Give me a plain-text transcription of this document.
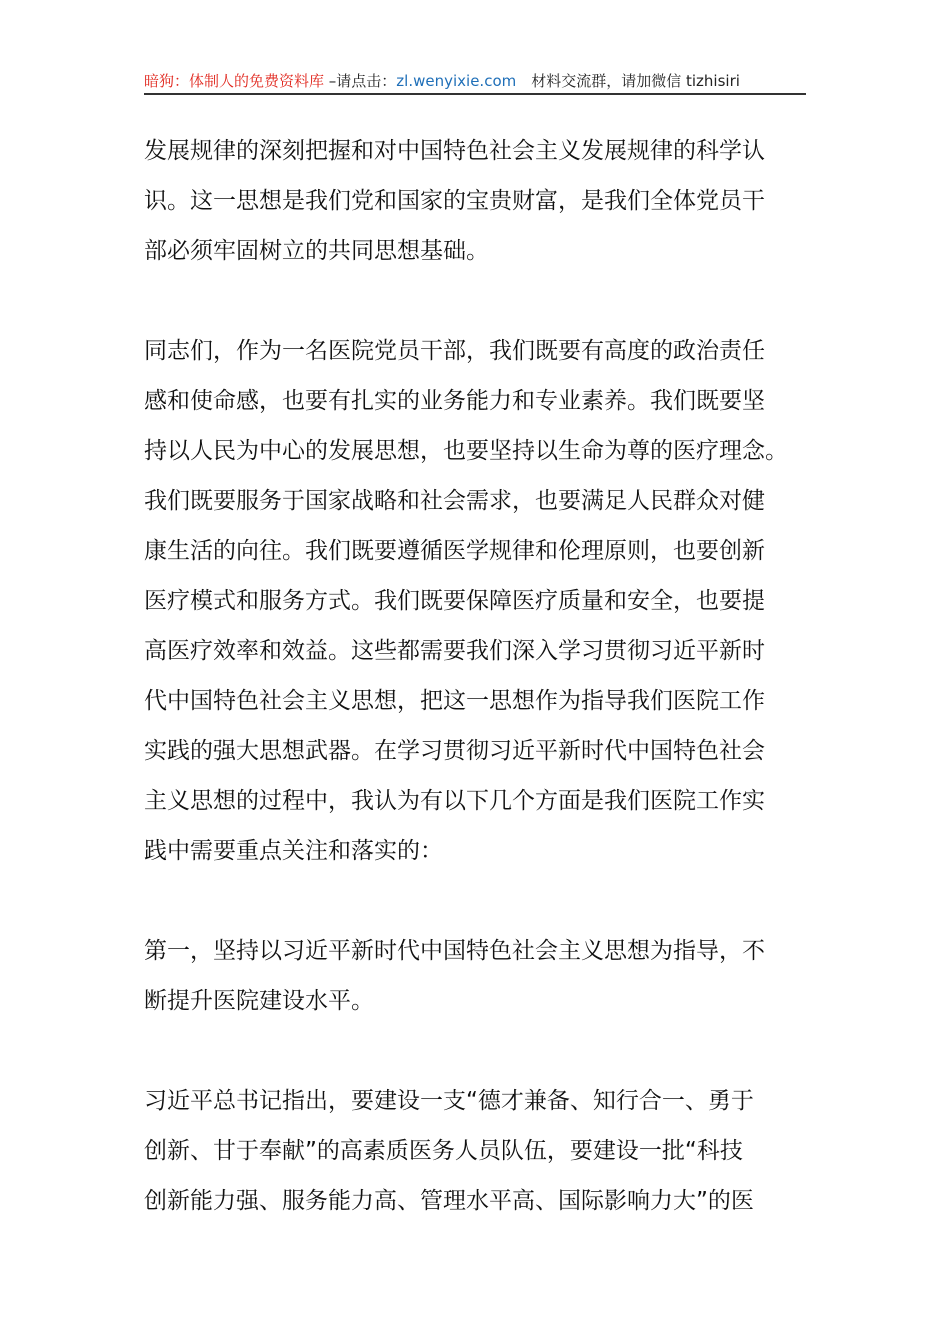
暗狗：体制人的免费资料库 –请点击：zl.wenyixie.com　材料交流群，请加微信 tizhisiri
发展规律的深刻把握和对中国特色社会主义发展规律的科学认
识。这一思想是我们党和国家的宝贵财富，是我们全体党员干
部必须牢固树立的共同思想基础。
同志们，作为一名医院党员干部，我们既要有高度的政治责任
感和使命感，也要有扎实的业务能力和专业素养。我们既要坚
持以人民为中心的发展思想，也要坚持以生命为尊的医疗理念。
我们既要服务于国家战略和社会需求，也要满足人民群众对健
康生活的向往。我们既要遵循医学规律和伦理原则，也要创新
医疗模式和服务方式。我们既要保障医疗质量和安全，也要提
高医疗效率和效益。这些都需要我们深入学习贯彻习近平新时
代中国特色社会主义思想，把这一思想作为指导我们医院工作
实践的强大思想武器。在学习贯彻习近平新时代中国特色社会
主义思想的过程中，我认为有以下几个方面是我们医院工作实
践中需要重点关注和落实的：
第一，坚持以习近平新时代中国特色社会主义思想为指导，不
断提升医院建设水平。
习近平总书记指出，要建设一支“德才兼备、知行合一、勇于
创新、甘于奉献”的高素质医务人员队伍，要建设一批“科技
创新能力强、服务能力高、管理水平高、国际影响力大”的医
